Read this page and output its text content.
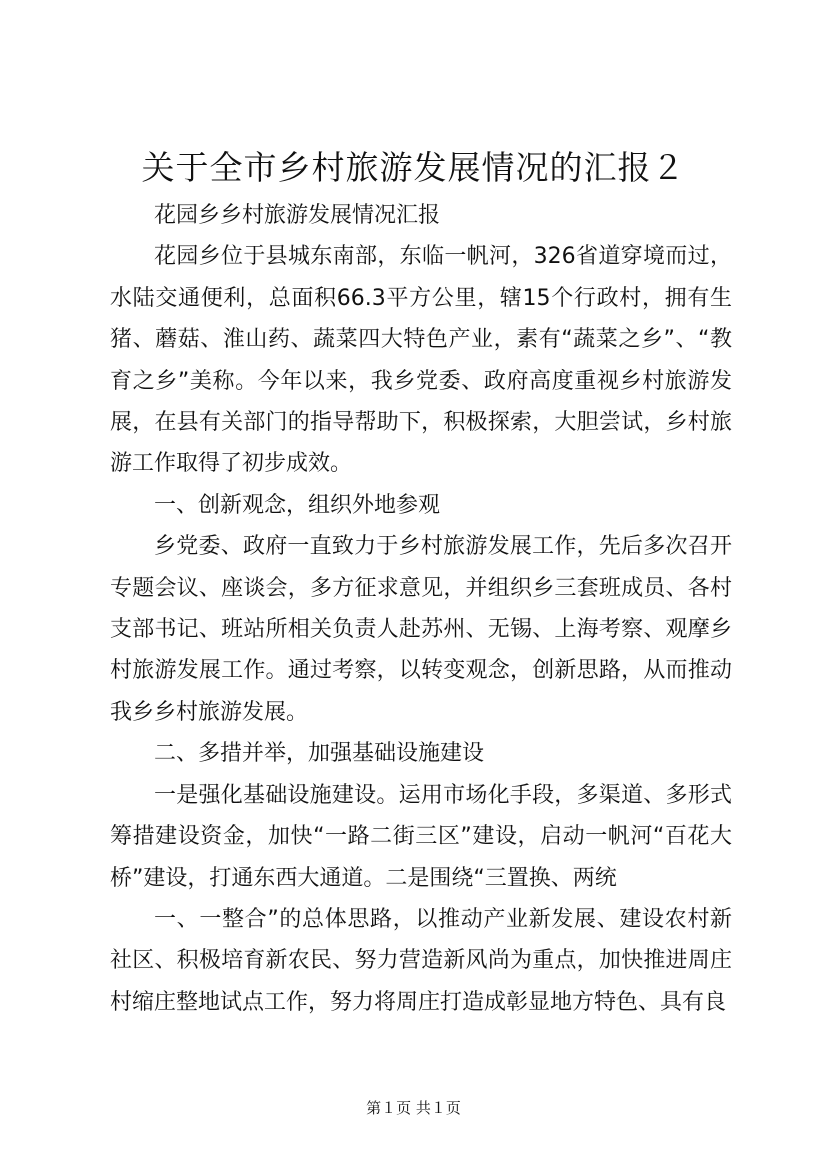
关于全市乡村旅游发展情况的汇报２

花园乡乡村旅游发展情况汇报

花园乡位于县城东南部，东临一帆河，326省道穿境而过，水陆交通便利，总面积66.3平方公里，辖15个行政村，拥有生猪、蘑菇、淮山药、蔬菜四大特色产业，素有“蔬菜之乡”、“教育之乡”美称。今年以来，我乡党委、政府高度重视乡村旅游发展，在县有关部门的指导帮助下，积极探索，大胆尝试，乡村旅游工作取得了初步成效。

一、创新观念，组织外地参观

乡党委、政府一直致力于乡村旅游发展工作，先后多次召开专题会议、座谈会，多方征求意见，并组织乡三套班成员、各村支部书记、班站所相关负责人赴苏州、无锡、上海考察、观摩乡村旅游发展工作。通过考察，以转变观念，创新思路，从而推动我乡乡村旅游发展。

二、多措并举，加强基础设施建设

一是强化基础设施建设。运用市场化手段，多渠道、多形式筹措建设资金，加快“一路二街三区”建设，启动一帆河“百花大桥”建设，打通东西大通道。二是围绕“三置换、两统

一、一整合”的总体思路，以推动产业新发展、建设农村新社区、积极培育新农民、努力营造新风尚为重点，加快推进周庄村缩庄整地试点工作，努力将周庄打造成彰显地方特色、具有良

第１页 共１页
